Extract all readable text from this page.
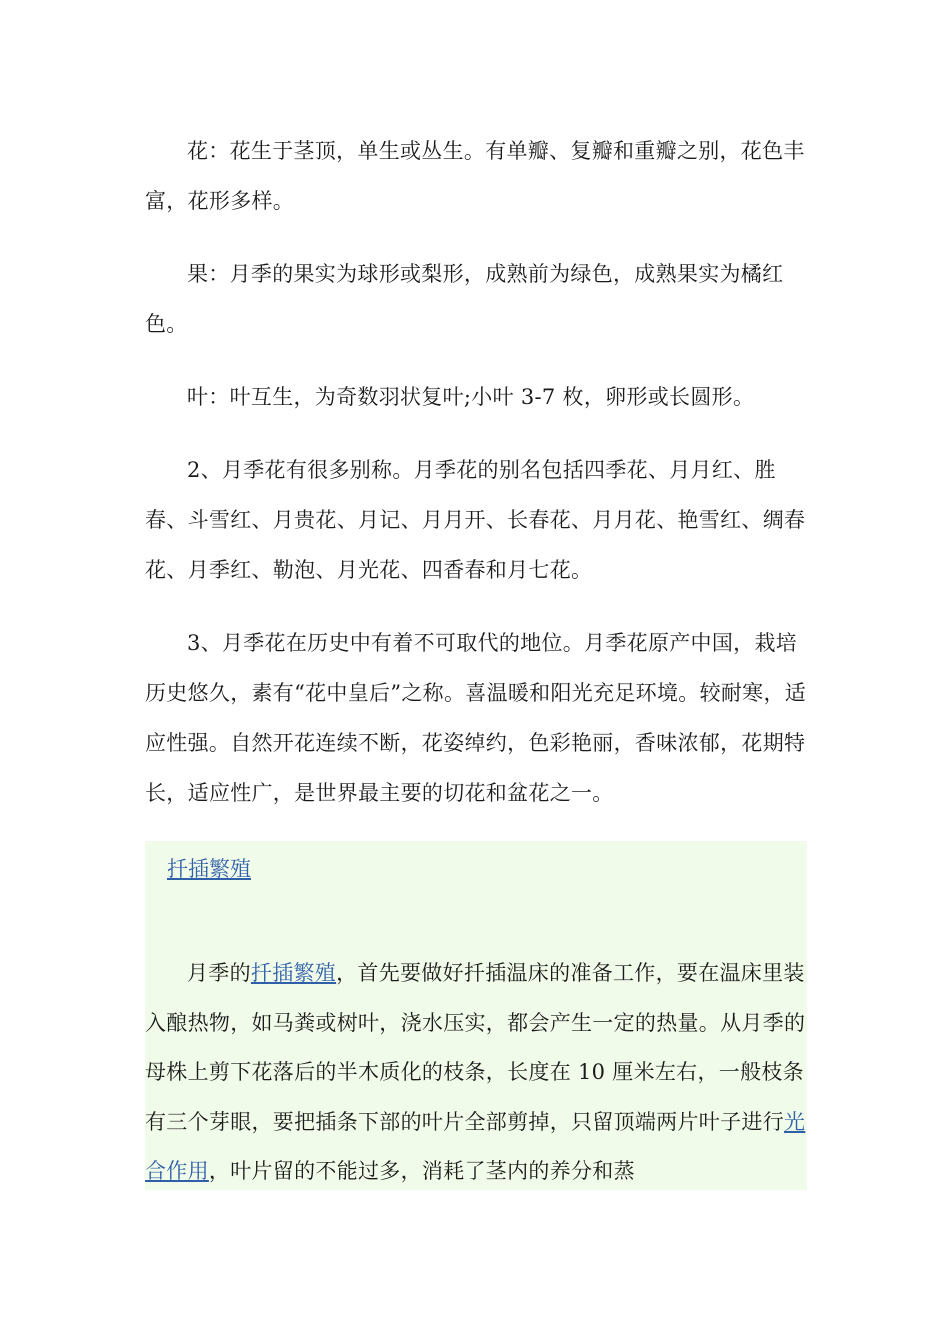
花：花生于茎顶，单生或丛生。有单瓣、复瓣和重瓣之别，花色丰富，花形多样。

果：月季的果实为球形或梨形，成熟前为绿色，成熟果实为橘红色。

叶：叶互生，为奇数羽状复叶;小叶 3-7 枚，卵形或长圆形。

2、月季花有很多别称。月季花的别名包括四季花、月月红、胜春、斗雪红、月贵花、月记、月月开、长春花、月月花、艳雪红、绸春花、月季红、勒泡、月光花、四香春和月七花。

3、月季花在历史中有着不可取代的地位。月季花原产中国，栽培历史悠久，素有“花中皇后”之称。喜温暖和阳光充足环境。较耐寒，适应性强。自然开花连续不断，花姿绰约，色彩艳丽，香味浓郁，花期特长，适应性广，是世界最主要的切花和盆花之一。

扦插繁殖
月季的扦插繁殖，首先要做好扦插温床的准备工作，要在温床里装入酿热物，如马粪或树叶，浇水压实，都会产生一定的热量。从月季的母株上剪下花落后的半木质化的枝条，长度在 10 厘米左右，一般枝条有三个芽眼，要把插条下部的叶片全部剪掉，只留顶端两片叶子进行光合作用，叶片留的不能过多，消耗了茎内的养分和蒸
